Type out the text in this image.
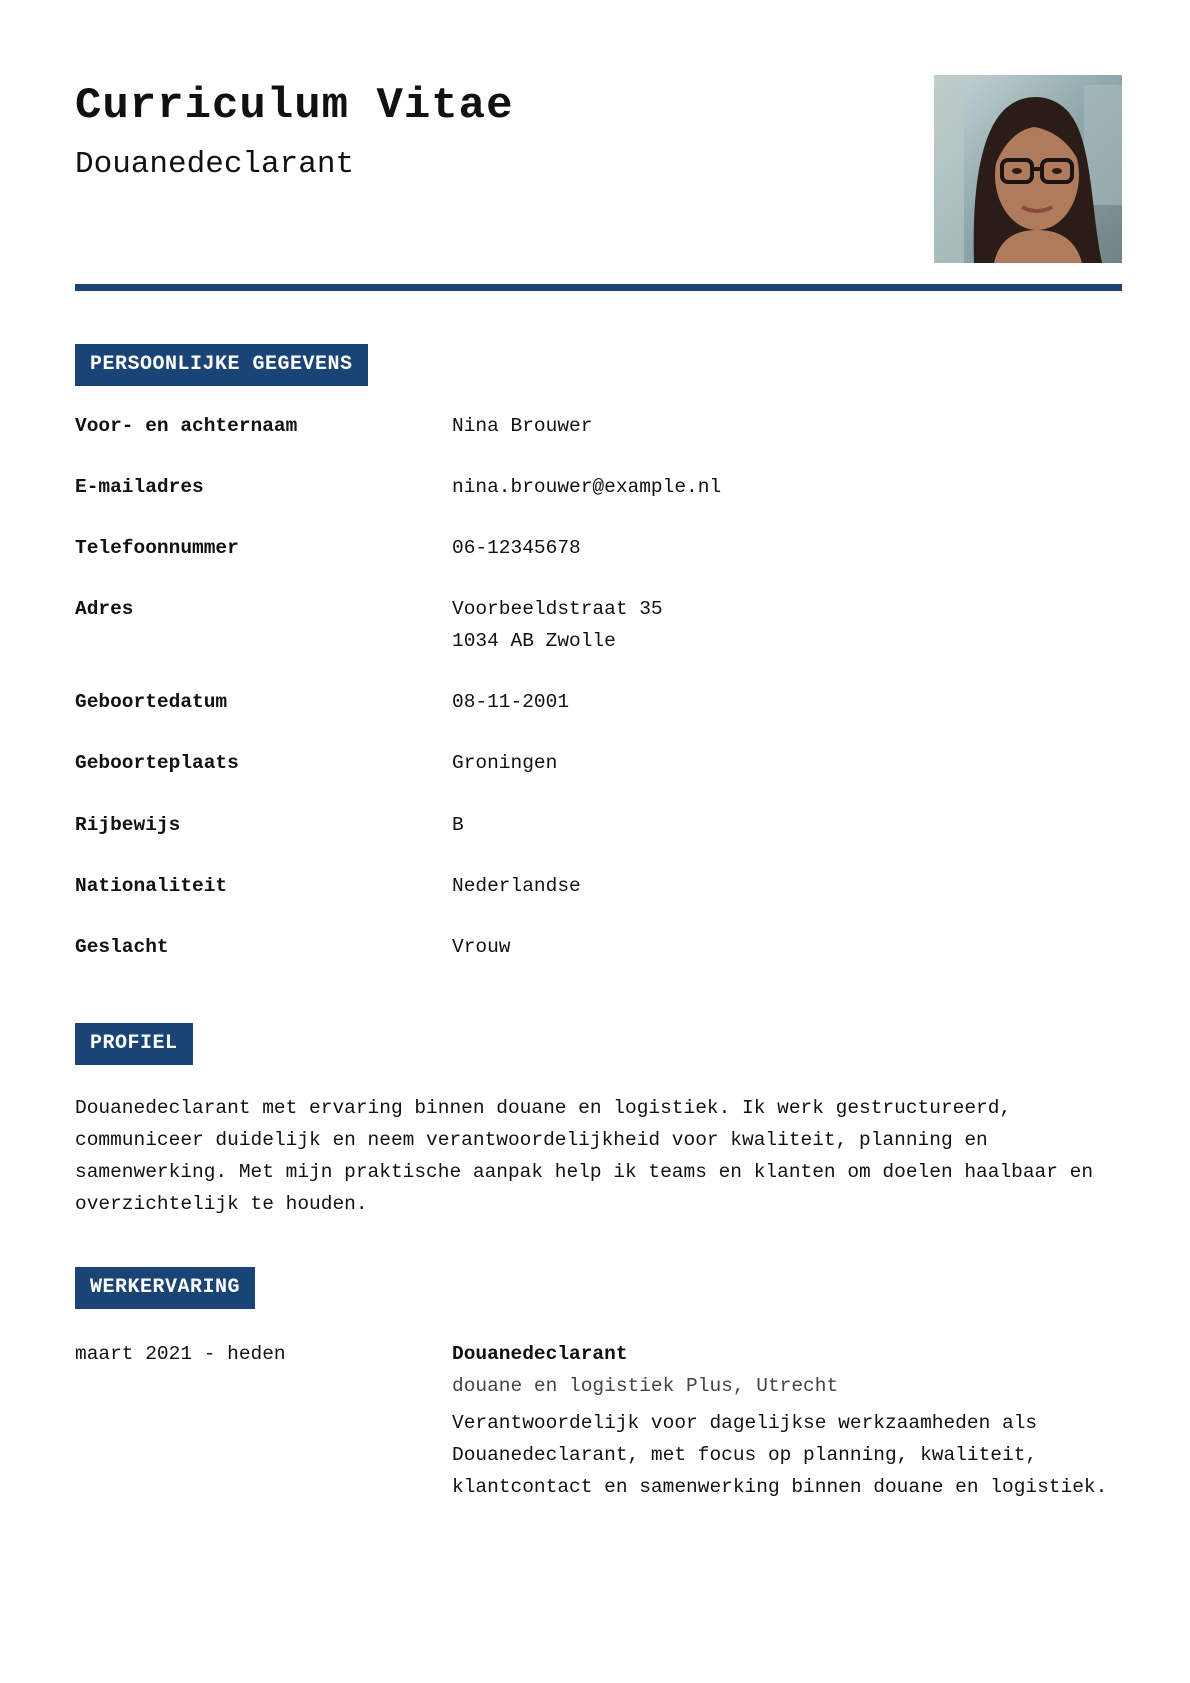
Curriculum Vitae
Douanedeclarant
PERSOONLIJKE GEGEVENS
Voor- en achternaam	Nina Brouwer
E-mailadres	nina.brouwer@example.nl
Telefoonnummer	06-12345678
Adres	Voorbeeldstraat 35
1034 AB Zwolle
Geboortedatum	08-11-2001
Geboorteplaats	Groningen
Rijbewijs	B
Nationaliteit	Nederlandse
Geslacht	Vrouw
PROFIEL

Douanedeclarant met ervaring binnen douane en logistiek. Ik werk gestructureerd, communiceer duidelijk en neem verantwoordelijkheid voor kwaliteit, planning en samenwerking. Met mijn praktische aanpak help ik teams en klanten om doelen haalbaar en overzichtelijk te houden.

WERKERVARING
maart 2021 - heden	Douanedeclarant
douane en logistiek Plus, Utrecht
Verantwoordelijk voor dagelijkse werkzaamheden als Douanedeclarant, met focus op planning, kwaliteit, klantcontact en samenwerking binnen douane en logistiek.
